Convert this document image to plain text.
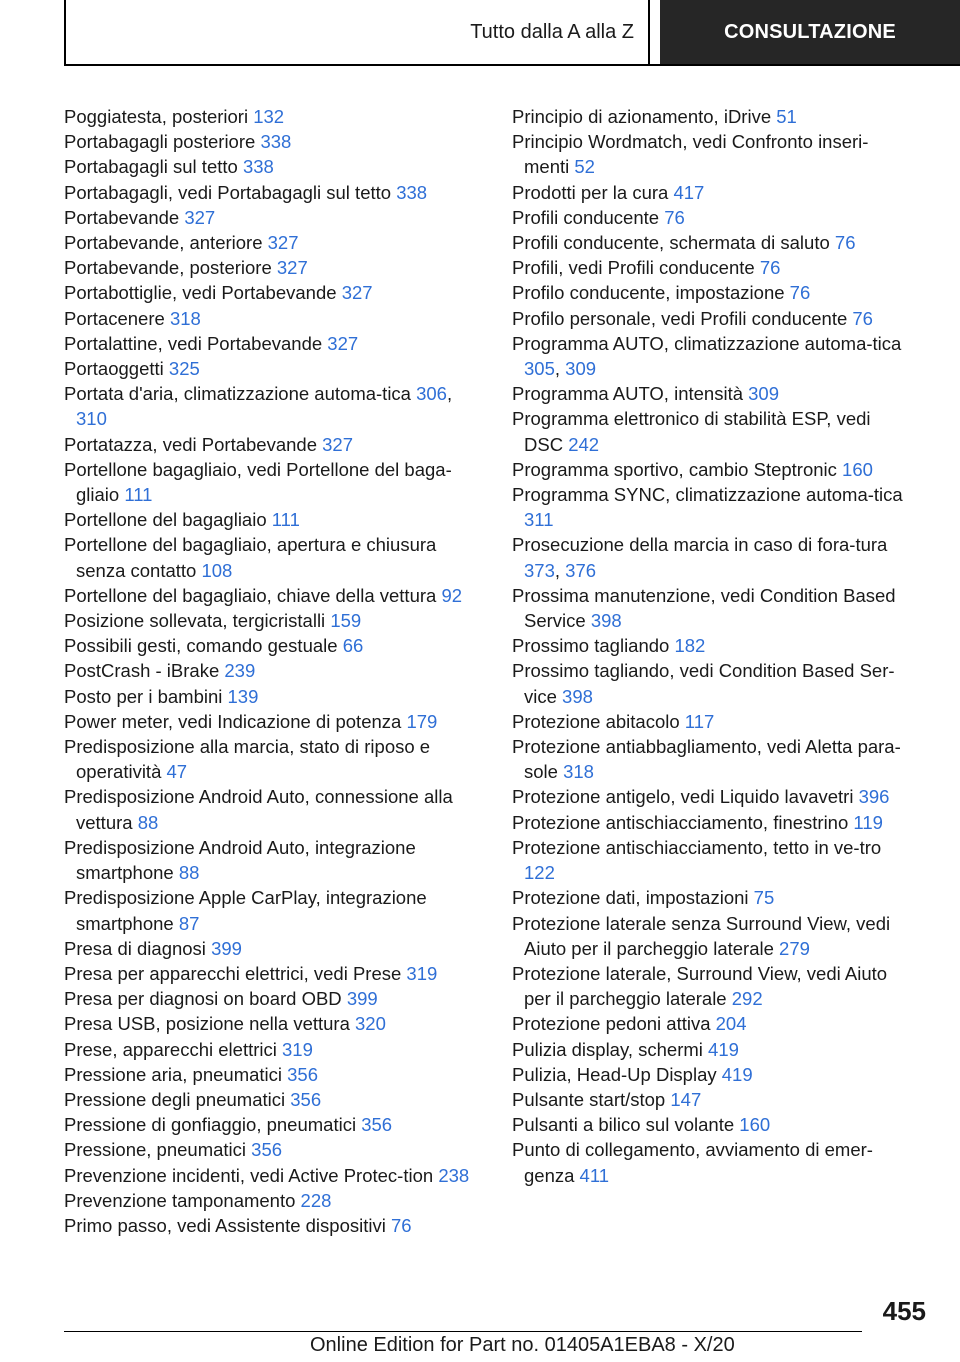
Tutto dalla A alla Z	CONSULTAZIONE
Poggiatesta, posteriori 132
Portabagagli posteriore 338
Portabagagli sul tetto 338
Portabagagli, vedi Portabagagli sul tetto 338
Portabevande 327
Portabevande, anteriore 327
Portabevande, posteriore 327
Portabottiglie, vedi Portabevande 327
Portacenere 318
Portalattine, vedi Portabevande 327
Portaoggetti 325
Portata d'aria, climatizzazione automa-tica 306, 310
Portatazza, vedi Portabevande 327
Portellone bagagliaio, vedi Portellone del baga-gliaio 111
Portellone del bagagliaio 111
Portellone del bagagliaio, apertura e chiusura senza contatto 108
Portellone del bagagliaio, chiave della vettura 92
Posizione sollevata, tergicristalli 159
Possibili gesti, comando gestuale 66
PostCrash - iBrake 239
Posto per i bambini 139
Power meter, vedi Indicazione di potenza 179
Predisposizione alla marcia, stato di riposo e operatività 47
Predisposizione Android Auto, connessione alla vettura 88
Predisposizione Android Auto, integrazione smartphone 88
Predisposizione Apple CarPlay, integrazione smartphone 87
Presa di diagnosi 399
Presa per apparecchi elettrici, vedi Prese 319
Presa per diagnosi on board OBD 399
Presa USB, posizione nella vettura 320
Prese, apparecchi elettrici 319
Pressione aria, pneumatici 356
Pressione degli pneumatici 356
Pressione di gonfiaggio, pneumatici 356
Pressione, pneumatici 356
Prevenzione incidenti, vedi Active Protec-tion 238
Prevenzione tamponamento 228
Primo passo, vedi Assistente dispositivi 76
Principio di azionamento, iDrive 51
Principio Wordmatch, vedi Confronto inseri-menti 52
Prodotti per la cura 417
Profili conducente 76
Profili conducente, schermata di saluto 76
Profili, vedi Profili conducente 76
Profilo conducente, impostazione 76
Profilo personale, vedi Profili conducente 76
Programma AUTO, climatizzazione automa-tica 305, 309
Programma AUTO, intensità 309
Programma elettronico di stabilità ESP, vedi DSC 242
Programma sportivo, cambio Steptronic 160
Programma SYNC, climatizzazione automa-tica 311
Prosecuzione della marcia in caso di fora-tura 373, 376
Prossima manutenzione, vedi Condition Based Service 398
Prossimo tagliando 182
Prossimo tagliando, vedi Condition Based Ser-vice 398
Protezione abitacolo 117
Protezione antiabbagliamento, vedi Aletta para-sole 318
Protezione antigelo, vedi Liquido lavavetri 396
Protezione antischiacciamento, finestrino 119
Protezione antischiacciamento, tetto in ve-tro 122
Protezione dati, impostazioni 75
Protezione laterale senza Surround View, vedi Aiuto per il parcheggio laterale 279
Protezione laterale, Surround View, vedi Aiuto per il parcheggio laterale 292
Protezione pedoni attiva 204
Pulizia display, schermi 419
Pulizia, Head-Up Display 419
Pulsante start/stop 147
Pulsanti a bilico sul volante 160
Punto di collegamento, avviamento di emer-genza 411
455
Online Edition for Part no. 01405A1EBA8 - X/20
